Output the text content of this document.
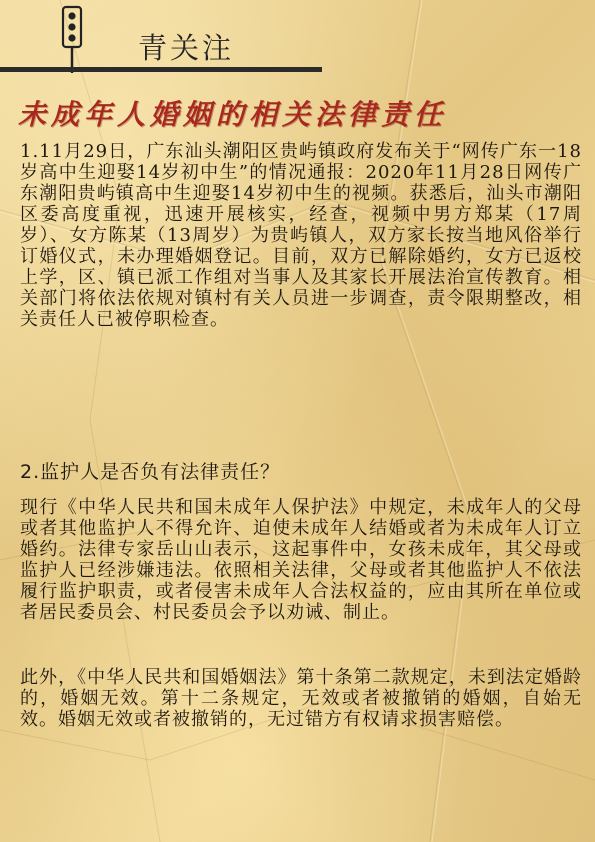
青关注
未成年人婚姻的相关法律责任
1.11月29日，广东汕头潮阳区贵屿镇政府发布关于“网传广东一18岁高中生迎娶14岁初中生”的情况通报：2020年11月28日网传广东潮阳贵屿镇高中生迎娶14岁初中生的视频。获悉后，汕头市潮阳区委高度重视，迅速开展核实，经查，视频中男方郑某（17周岁）、女方陈某（13周岁）为贵屿镇人，双方家长按当地风俗举行订婚仪式，未办理婚姻登记。目前，双方已解除婚约，女方已返校上学，区、镇已派工作组对当事人及其家长开展法治宣传教育。相关部门将依法依规对镇村有关人员进一步调查，责令限期整改，相关责任人已被停职检查。
2.监护人是否负有法律责任？
现行《中华人民共和国未成年人保护法》中规定，未成年人的父母或者其他监护人不得允许、迫使未成年人结婚或者为未成年人订立婚约。法律专家岳山山表示，这起事件中，女孩未成年，其父母或监护人已经涉嫌违法。依照相关法律，父母或者其他监护人不依法履行监护职责，或者侵害未成年人合法权益的，应由其所在单位或者居民委员会、村民委员会予以劝诫、制止。
此外，《中华人民共和国婚姻法》第十条第二款规定，未到法定婚龄的，婚姻无效。第十二条规定，无效或者被撤销的婚姻，自始无效。婚姻无效或者被撤销的，无过错方有权请求损害赔偿。
